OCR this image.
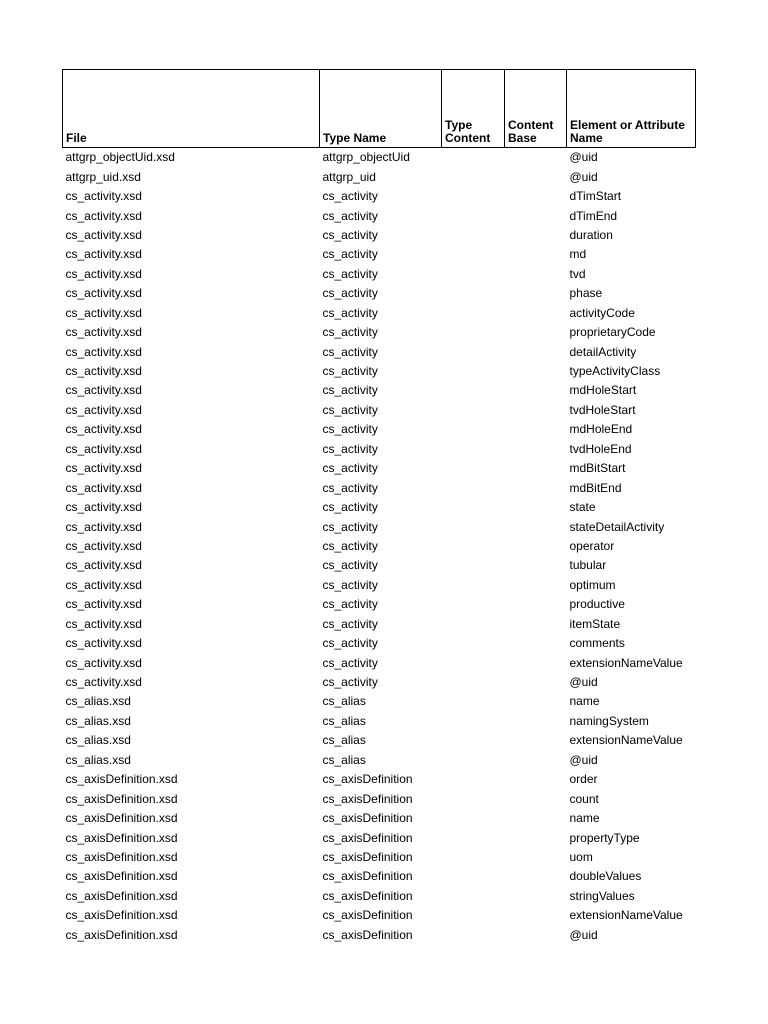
File	Type Name	Type Content	Content Base	Element or Attribute Name
attgrp_objectUid.xsd	attgrp_objectUid			@uid
attgrp_uid.xsd	attgrp_uid			@uid
cs_activity.xsd	cs_activity			dTimStart
cs_activity.xsd	cs_activity			dTimEnd
cs_activity.xsd	cs_activity			duration
cs_activity.xsd	cs_activity			md
cs_activity.xsd	cs_activity			tvd
cs_activity.xsd	cs_activity			phase
cs_activity.xsd	cs_activity			activityCode
cs_activity.xsd	cs_activity			proprietaryCode
cs_activity.xsd	cs_activity			detailActivity
cs_activity.xsd	cs_activity			typeActivityClass
cs_activity.xsd	cs_activity			mdHoleStart
cs_activity.xsd	cs_activity			tvdHoleStart
cs_activity.xsd	cs_activity			mdHoleEnd
cs_activity.xsd	cs_activity			tvdHoleEnd
cs_activity.xsd	cs_activity			mdBitStart
cs_activity.xsd	cs_activity			mdBitEnd
cs_activity.xsd	cs_activity			state
cs_activity.xsd	cs_activity			stateDetailActivity
cs_activity.xsd	cs_activity			operator
cs_activity.xsd	cs_activity			tubular
cs_activity.xsd	cs_activity			optimum
cs_activity.xsd	cs_activity			productive
cs_activity.xsd	cs_activity			itemState
cs_activity.xsd	cs_activity			comments
cs_activity.xsd	cs_activity			extensionNameValue
cs_activity.xsd	cs_activity			@uid
cs_alias.xsd	cs_alias			name
cs_alias.xsd	cs_alias			namingSystem
cs_alias.xsd	cs_alias			extensionNameValue
cs_alias.xsd	cs_alias			@uid
cs_axisDefinition.xsd	cs_axisDefinition			order
cs_axisDefinition.xsd	cs_axisDefinition			count
cs_axisDefinition.xsd	cs_axisDefinition			name
cs_axisDefinition.xsd	cs_axisDefinition			propertyType
cs_axisDefinition.xsd	cs_axisDefinition			uom
cs_axisDefinition.xsd	cs_axisDefinition			doubleValues
cs_axisDefinition.xsd	cs_axisDefinition			stringValues
cs_axisDefinition.xsd	cs_axisDefinition			extensionNameValue
cs_axisDefinition.xsd	cs_axisDefinition			@uid
